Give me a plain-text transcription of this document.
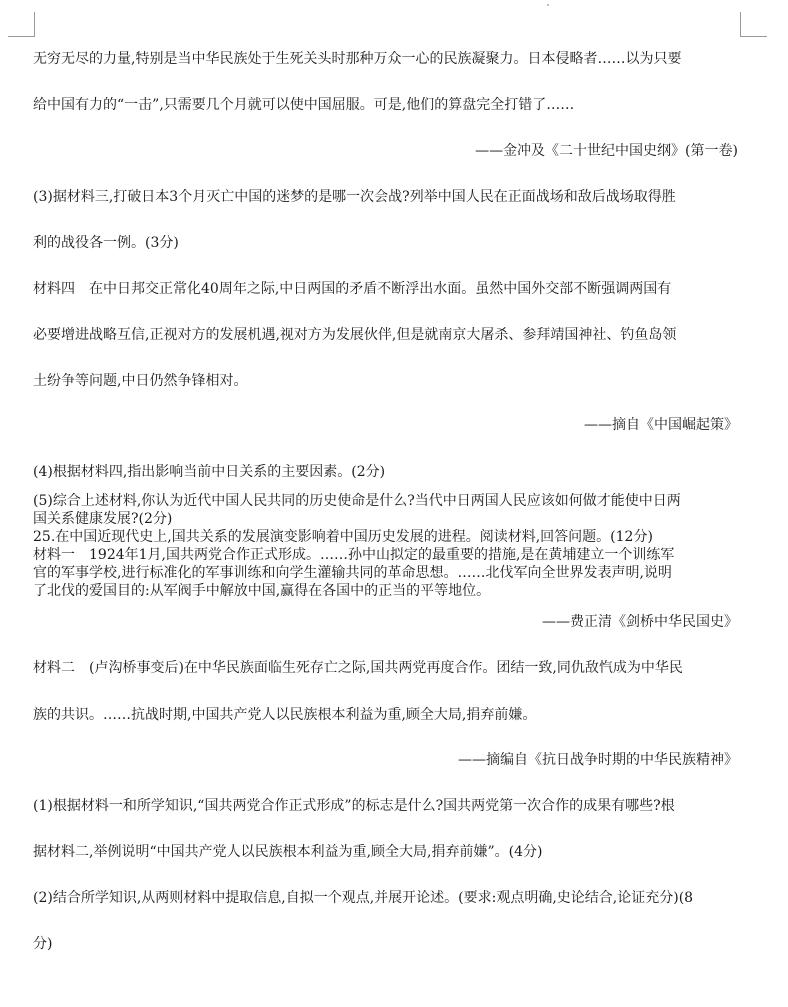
无穷无尽的力量,特别是当中华民族处于生死关头时那种万众一心的民族凝聚力。日本侵略者……以为只要
给中国有力的“一击”,只需要几个月就可以使中国屈服。可是,他们的算盘完全打错了……
——金冲及《二十世纪中国史纲》(第一卷)
(3)据材料三,打破日本3个月灭亡中国的迷梦的是哪一次会战?列举中国人民在正面战场和敌后战场取得胜
利的战役各一例。(3分)
材料四　在中日邦交正常化40周年之际,中日两国的矛盾不断浮出水面。虽然中国外交部不断强调两国有
必要增进战略互信,正视对方的发展机遇,视对方为发展伙伴,但是就南京大屠杀、参拜靖国神社、钓鱼岛领
土纷争等问题,中日仍然争锋相对。
——摘自《中国崛起策》
(4)根据材料四,指出影响当前中日关系的主要因素。(2分)
(5)综合上述材料,你认为近代中国人民共同的历史使命是什么?当代中日两国人民应该如何做才能使中日两
国关系健康发展?(2分)
25.在中国近现代史上,国共关系的发展演变影响着中国历史发展的进程。阅读材料,回答问题。(12分)
材料一　1924年1月,国共两党合作正式形成。……孙中山拟定的最重要的措施,是在黄埔建立一个训练军
官的军事学校,进行标准化的军事训练和向学生灌输共同的革命思想。……北伐军向全世界发表声明,说明
了北伐的爱国目的:从军阀手中解放中国,赢得在各国中的正当的平等地位。
——费正清《剑桥中华民国史》
材料二　(卢沟桥事变后)在中华民族面临生死存亡之际,国共两党再度合作。团结一致,同仇敌忾成为中华民
族的共识。……抗战时期,中国共产党人以民族根本利益为重,顾全大局,捐弃前嫌。
——摘编自《抗日战争时期的中华民族精神》
(1)根据材料一和所学知识,“国共两党合作正式形成”的标志是什么?国共两党第一次合作的成果有哪些?根
据材料二,举例说明“中国共产党人以民族根本利益为重,顾全大局,捐弃前嫌”。(4分)
(2)结合所学知识,从两则材料中提取信息,自拟一个观点,并展开论述。(要求:观点明确,史论结合,论证充分)(8
分)
